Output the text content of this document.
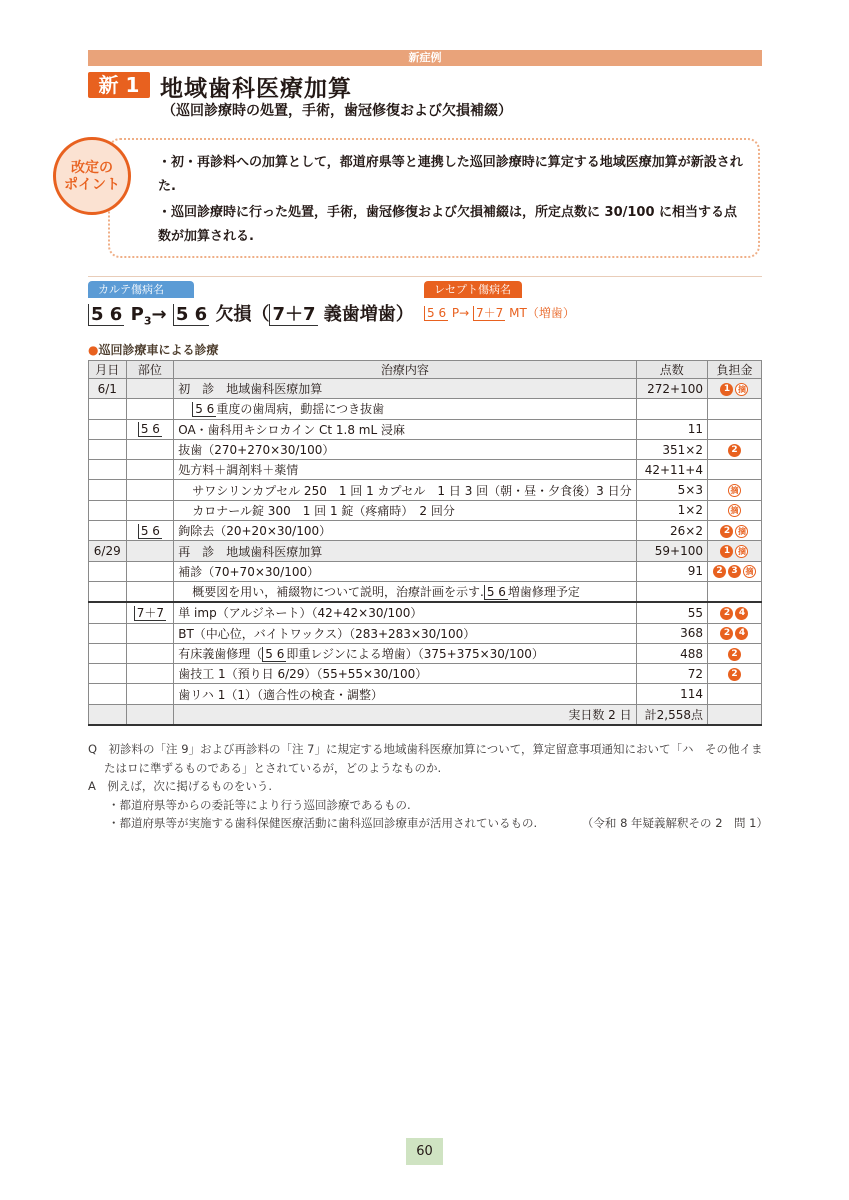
新症例
新 1 地域歯科医療加算
（巡回診療時の処置，手術，歯冠修復および欠損補綴）
改定の
ポイント
・初・再診料への加算として，都道府県等と連携した巡回診療時に算定する地域医療加算が新設された.
・巡回診療時に行った処置，手術，歯冠修復および欠損補綴は，所定点数に 30/100 に相当する点数が加算される.
カルテ傷病名	レセプト傷病名
5 6 $P_3\to 5$ 6 欠損（ 7＋7 義歯増歯） 5 6 P→ 7＋7 MT（増歯）
●巡回診療車による診療
月日	部位	治療内容	点数	負担金
6/1		初　診　地域歯科医療加算	272+100	1 摘
		5 6 重度の歯周病，動揺につき抜歯		
	5 6	OA・歯科用キシロカイン Ct 1.8 mL 浸麻	11	
		抜歯（270+270×30/100）	351×2	2
		処方料＋調剤料＋薬情	42+11+4	
		サワシリンカプセル 250　1 回 1 カプセル　1 日 3 回（朝・昼・夕食後）3 日分	5×3	摘
		カロナール錠 300　1 回 1 錠（疼痛時）　2 回分	1×2	摘
	5 6	鉤除去（20+20×30/100）	26×2	2 摘
6/29		再　診　地域歯科医療加算	59+100	1 摘
		補診（70+70×30/100）	91	2 3 摘
		概要図を用い，補綴物について説明，治療計画を示す. 5 6 増歯修理予定		
	7＋7	単 imp（アルジネート）（42+42×30/100）	55	2 4
		BT（中心位，バイトワックス）（283+283×30/100）	368	2 4
		有床義歯修理（ 5 6 即重レジンによる増歯）（375+375×30/100）	488	2
		歯技工 1（預り日 6/29）（55+55×30/100）	72	2
		歯リハ 1（1）（適合性の検査・調整）	114	
		実日数 2 日	計2,558点	

Q　初診料の「注 9」および再診料の「注 7」に規定する地域歯科医療加算について，算定留意事項通知において「ハ　その他イまたはロに準ずるものである」とされているが，どのようなものか.

A　例えば，次に掲げるものをいう.

・都道府県等からの委託等により行う巡回診療であるもの.

・都道府県等が実施する歯科保健医療活動に歯科巡回診療車が活用されているもの.	（令和 8 年疑義解釈その 2　問 1）

60
